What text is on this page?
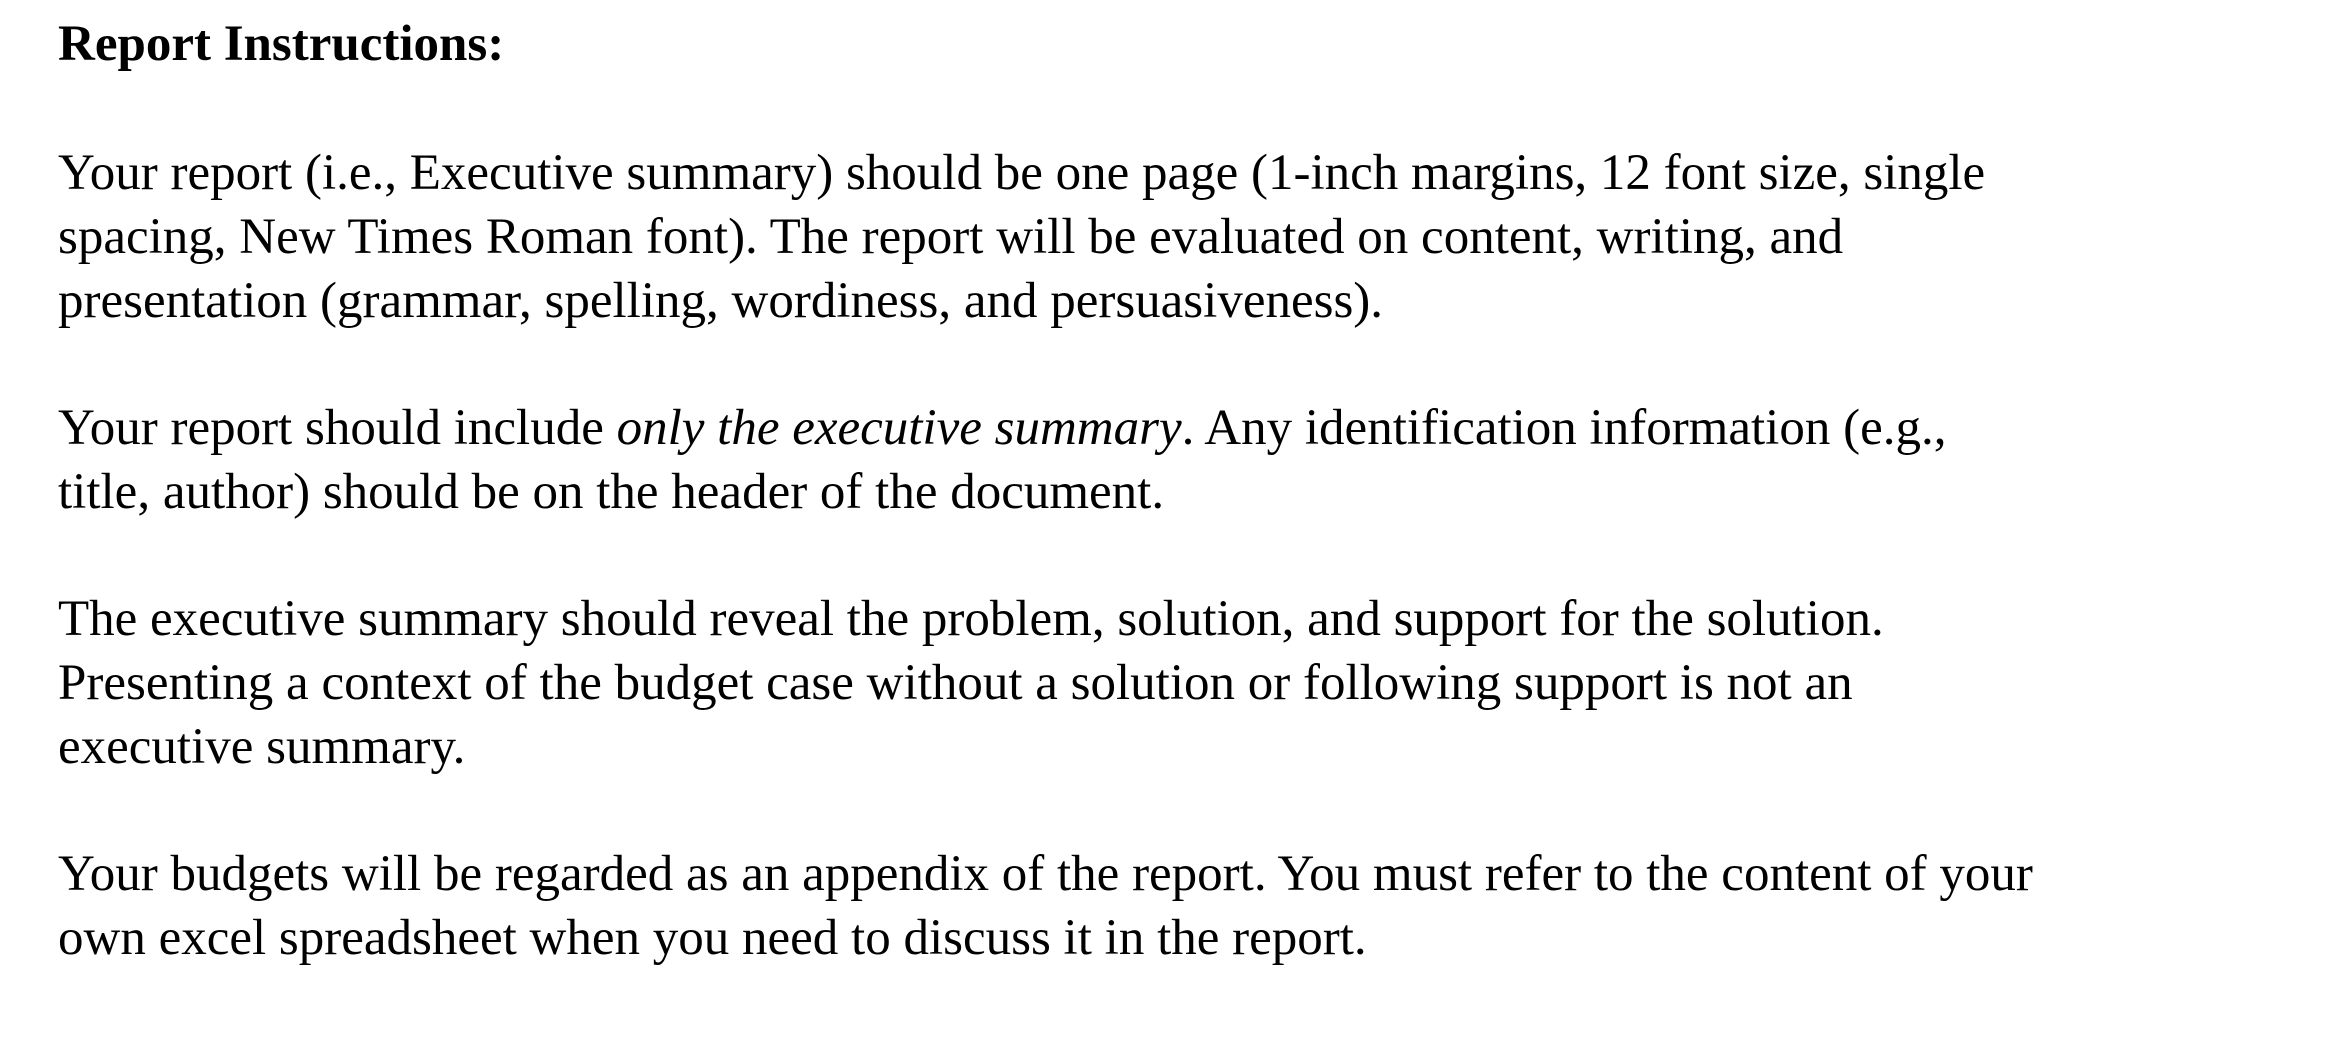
Report Instructions:

Your report (i.e., Executive summary) should be one page (1-inch margins, 12 font size, single
spacing, New Times Roman font). The report will be evaluated on content, writing, and
presentation (grammar, spelling, wordiness, and persuasiveness).

Your report should include only the executive summary. Any identification information (e.g.,
title, author) should be on the header of the document.

The executive summary should reveal the problem, solution, and support for the solution.
Presenting a context of the budget case without a solution or following support is not an
executive summary.

Your budgets will be regarded as an appendix of the report. You must refer to the content of your
own excel spreadsheet when you need to discuss it in the report.
